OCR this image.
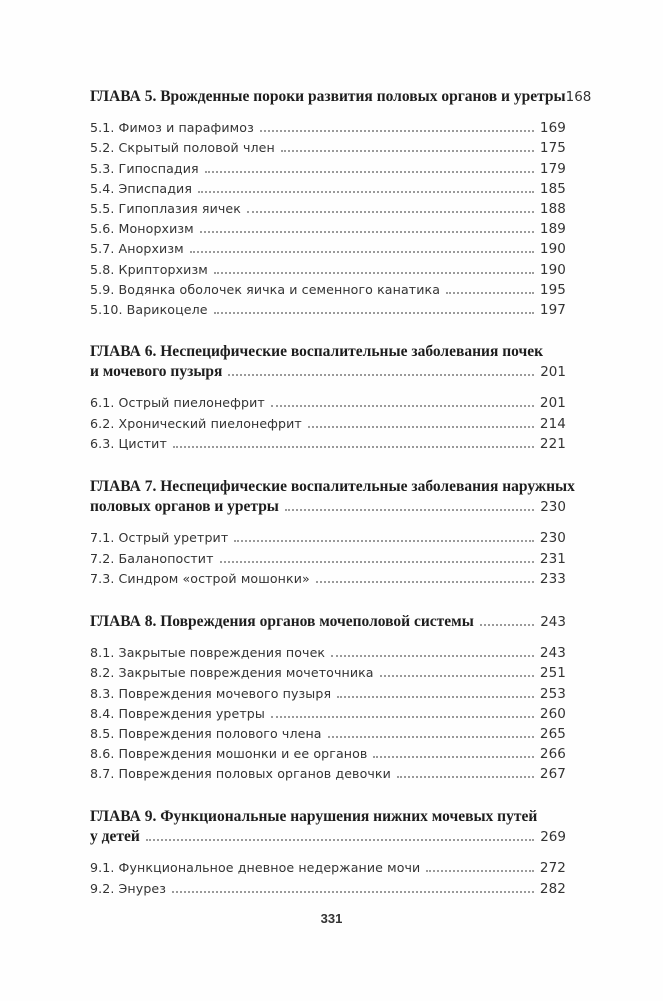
ГЛАВА 5. Врожденные пороки развития половых органов и уретры 168
5.1. Фимоз и парафимоз	169
5.2. Скрытый половой член	175
5.3. Гипоспадия	179
5.4. Эписпадия	185
5.5. Гипоплазия яичек	188
5.6. Монорхизм	189
5.7. Анорхизм	190
5.8. Крипторхизм	190
5.9. Водянка оболочек яичка и семенного канатика	195
5.10. Варикоцеле	197
ГЛАВА 6. Неспецифические воспалительные заболевания почек
и мочевого пузыря	201
6.1. Острый пиелонефрит	201
6.2. Хронический пиелонефрит	214
6.3. Цистит	221
ГЛАВА 7. Неспецифические воспалительные заболевания наружных
половых органов и уретры	230
7.1. Острый уретрит	230
7.2. Баланопостит	231
7.3. Синдром «острой мошонки»	233
ГЛАВА 8. Повреждения органов мочеполовой системы	243
8.1. Закрытые повреждения почек	243
8.2. Закрытые повреждения мочеточника	251
8.3. Повреждения мочевого пузыря	253
8.4. Повреждения уретры	260
8.5. Повреждения полового члена	265
8.6. Повреждения мошонки и ее органов	266
8.7. Повреждения половых органов девочки	267
ГЛАВА 9. Функциональные нарушения нижних мочевых путей
у детей	269
9.1. Функциональное дневное недержание мочи	272
9.2. Энурез	282
331
